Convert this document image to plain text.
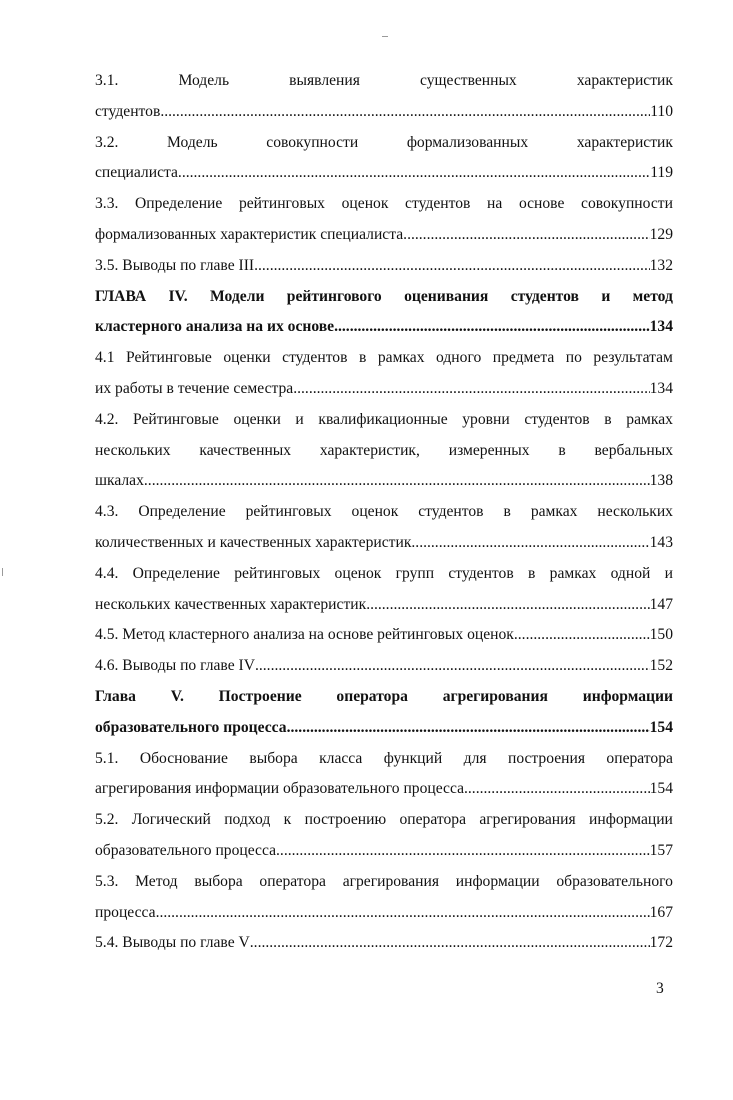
3.1.	Модель	выявления	существенных	характеристик
студентов .....	110
3.2.	Модель	совокупности	формализованных	характеристик
специалиста .....	119
3.3. Определение рейтинговых оценок студентов на основе совокупности
формализованных характеристик специалиста .....	129
3.5. Выводы по главе III .....	132
ГЛАВА IV. Модели рейтингового оценивания студентов и метод
кластерного анализа на их основе .....	134
4.1 Рейтинговые оценки студентов в рамках одного предмета по результатам
их работы в течение семестра .....	134
4.2. Рейтинговые оценки и квалификационные уровни студентов в рамках
нескольких качественных характеристик, измеренных в вербальных
шкалах .....	138
4.3. Определение рейтинговых оценок студентов в рамках нескольких
количественных и качественных характеристик .....	143
4.4. Определение рейтинговых оценок групп студентов в рамках одной и
нескольких качественных характеристик .....	147
4.5. Метод кластерного анализа на основе рейтинговых оценок .....	150
4.6. Выводы по главе IV .....	152
Глава V. Построение оператора агрегирования информации
образовательного процесса .....	154
5.1. Обоснование выбора класса функций для построения оператора
агрегирования информации образовательного процесса .....	154
5.2. Логический подход к построению оператора агрегирования информации
образовательного процесса .....	157
5.3. Метод выбора оператора агрегирования информации образовательного
процесса .....	167
5.4. Выводы по главе V .....	172
3
